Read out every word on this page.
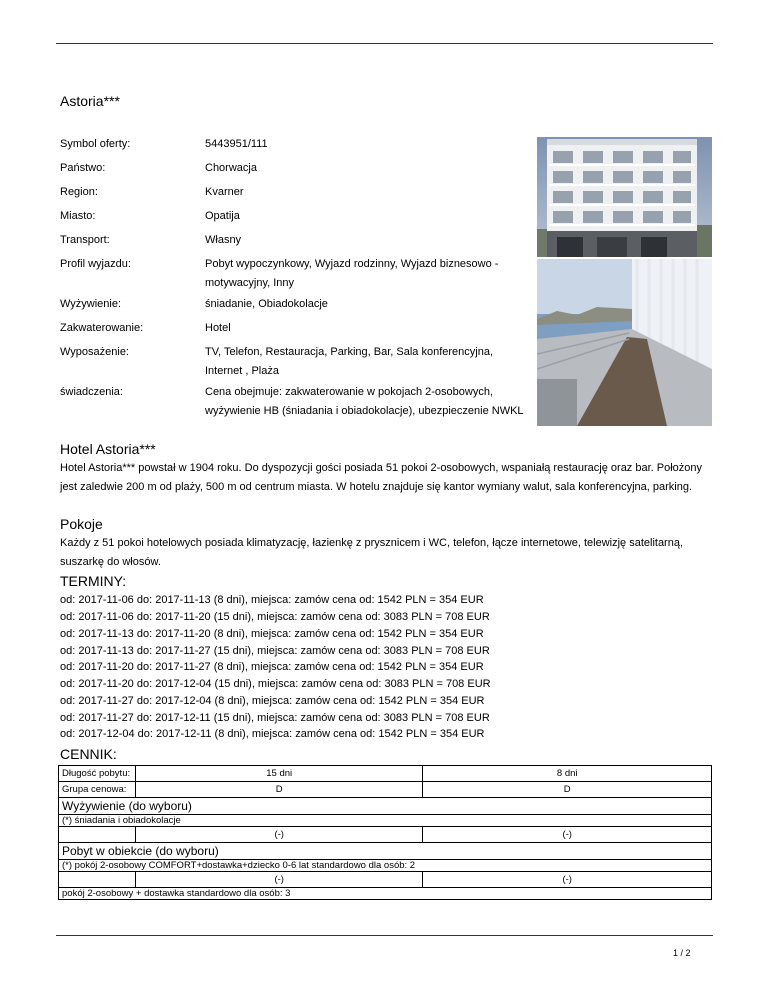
Astoria***
Symbol oferty:	5443951/111
Państwo:	Chorwacja
Region:	Kvarner
Miasto:	Opatija
Transport:	Własny
Profil wyjazdu:	Pobyt wypoczynkowy, Wyjazd rodzinny, Wyjazd biznesowo - motywacyjny, Inny
Wyżywienie:	śniadanie, Obiadokolacje
Zakwaterowanie:	Hotel
Wyposażenie:	TV, Telefon, Restauracja, Parking, Bar, Sala konferencyjna, Internet , Plaża
świadczenia:	Cena obejmuje: zakwaterowanie w pokojach 2-osobowych, wyżywienie HB (śniadania i obiadokolacje), ubezpieczenie NWKL
Hotel Astoria***
Hotel Astoria*** powstał w 1904 roku. Do dyspozycji gości posiada 51 pokoi 2-osobowych, wspaniałą restaurację oraz bar. Położony jest zaledwie 200 m od plaży, 500 m od centrum miasta. W hotelu znajduje się kantor wymiany walut, sala konferencyjna, parking.
Pokoje
Każdy z 51 pokoi hotelowych posiada klimatyzację, łazienkę z prysznicem i WC, telefon, łącze internetowe, telewizję satelitarną, suszarkę do włosów.
TERMINY:
od: 2017-11-06 do: 2017-11-13 (8 dni), miejsca: zamów cena od: 1542 PLN = 354 EUR
od: 2017-11-06 do: 2017-11-20 (15 dni), miejsca: zamów cena od: 3083 PLN = 708 EUR
od: 2017-11-13 do: 2017-11-20 (8 dni), miejsca: zamów cena od: 1542 PLN = 354 EUR
od: 2017-11-13 do: 2017-11-27 (15 dni), miejsca: zamów cena od: 3083 PLN = 708 EUR
od: 2017-11-20 do: 2017-11-27 (8 dni), miejsca: zamów cena od: 1542 PLN = 354 EUR
od: 2017-11-20 do: 2017-12-04 (15 dni), miejsca: zamów cena od: 3083 PLN = 708 EUR
od: 2017-11-27 do: 2017-12-04 (8 dni), miejsca: zamów cena od: 1542 PLN = 354 EUR
od: 2017-11-27 do: 2017-12-11 (15 dni), miejsca: zamów cena od: 3083 PLN = 708 EUR
od: 2017-12-04 do: 2017-12-11 (8 dni), miejsca: zamów cena od: 1542 PLN = 354 EUR
CENNIK:
Długość pobytu:	15 dni	8 dni
Grupa cenowa:	D	D
Wyżywienie (do wyboru)		
(*) śniadania i obiadokolacje		
	(-)	(-)
Pobyt w obiekcie (do wyboru)		
(*) pokój 2-osobowy COMFORT+dostawka+dziecko 0-6 lat standardowo dla osób: 2		
	(-)	(-)
pokój 2-osobowy + dostawka standardowo dla osób: 3		
1 / 2
